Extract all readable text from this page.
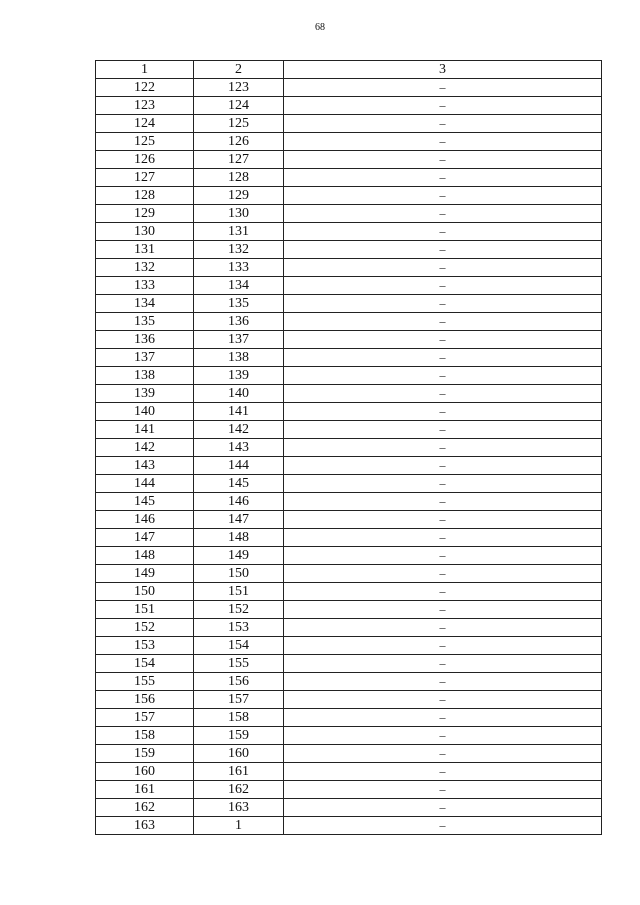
68
1	2	3
122	123	–
123	124	–
124	125	–
125	126	–
126	127	–
127	128	–
128	129	–
129	130	–
130	131	–
131	132	–
132	133	–
133	134	–
134	135	–
135	136	–
136	137	–
137	138	–
138	139	–
139	140	–
140	141	–
141	142	–
142	143	–
143	144	–
144	145	–
145	146	–
146	147	–
147	148	–
148	149	–
149	150	–
150	151	–
151	152	–
152	153	–
153	154	–
154	155	–
155	156	–
156	157	–
157	158	–
158	159	–
159	160	–
160	161	–
161	162	–
162	163	–
163	1	–
